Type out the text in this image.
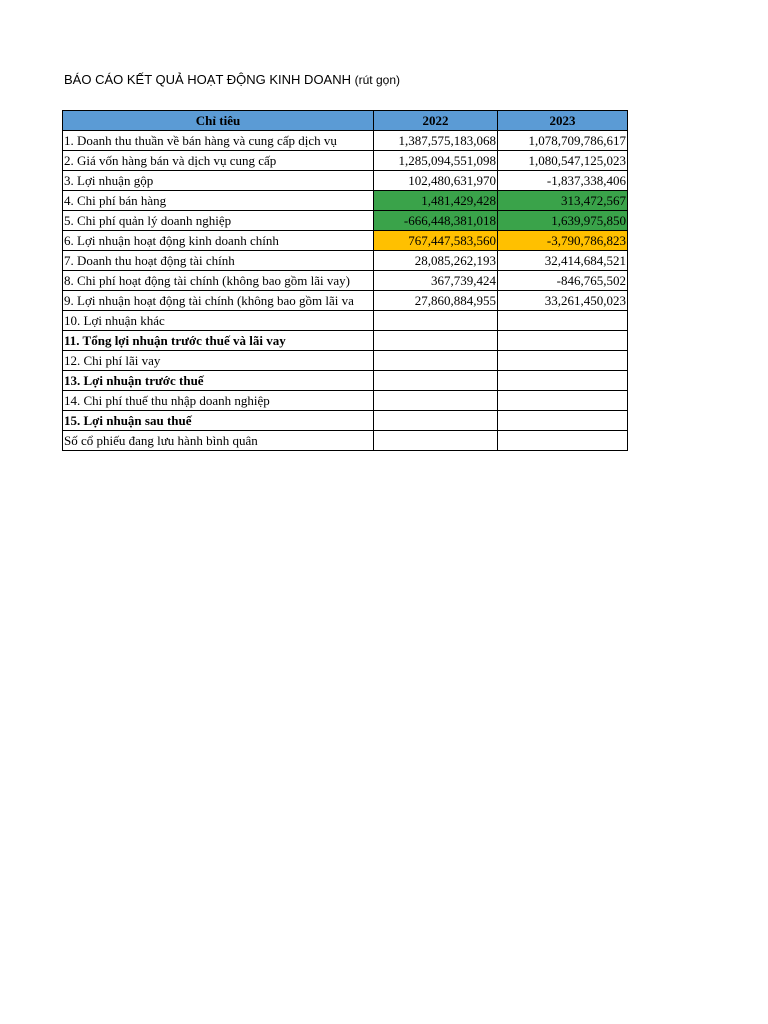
BÁO CÁO KẾT QUẢ HOẠT ĐỘNG KINH DOANH (rút gọn)
Chỉ tiêu	2022	2023
1. Doanh thu thuần về bán hàng và cung cấp dịch vụ	1,387,575,183,068	1,078,709,786,617
2. Giá vốn hàng bán và dịch vụ cung cấp	1,285,094,551,098	1,080,547,125,023
3. Lợi nhuận gộp	102,480,631,970	-1,837,338,406
4. Chi phí bán hàng	1,481,429,428	313,472,567
5. Chi phí quản lý doanh nghiệp	-666,448,381,018	1,639,975,850
6. Lợi nhuận hoạt động kinh doanh chính	767,447,583,560	-3,790,786,823
7. Doanh thu hoạt động tài chính	28,085,262,193	32,414,684,521
8. Chi phí hoạt động tài chính (không bao gồm lãi vay)	367,739,424	-846,765,502
9. Lợi nhuận hoạt động tài chính (không bao gồm lãi va	27,860,884,955	33,261,450,023
10. Lợi nhuận khác		
11. Tổng lợi nhuận trước thuế và lãi vay		
12. Chi phí lãi vay		
13. Lợi nhuận trước thuế		
14. Chi phí thuế thu nhập doanh nghiệp		
15. Lợi nhuận sau thuế		
Số cổ phiếu đang lưu hành bình quân		
